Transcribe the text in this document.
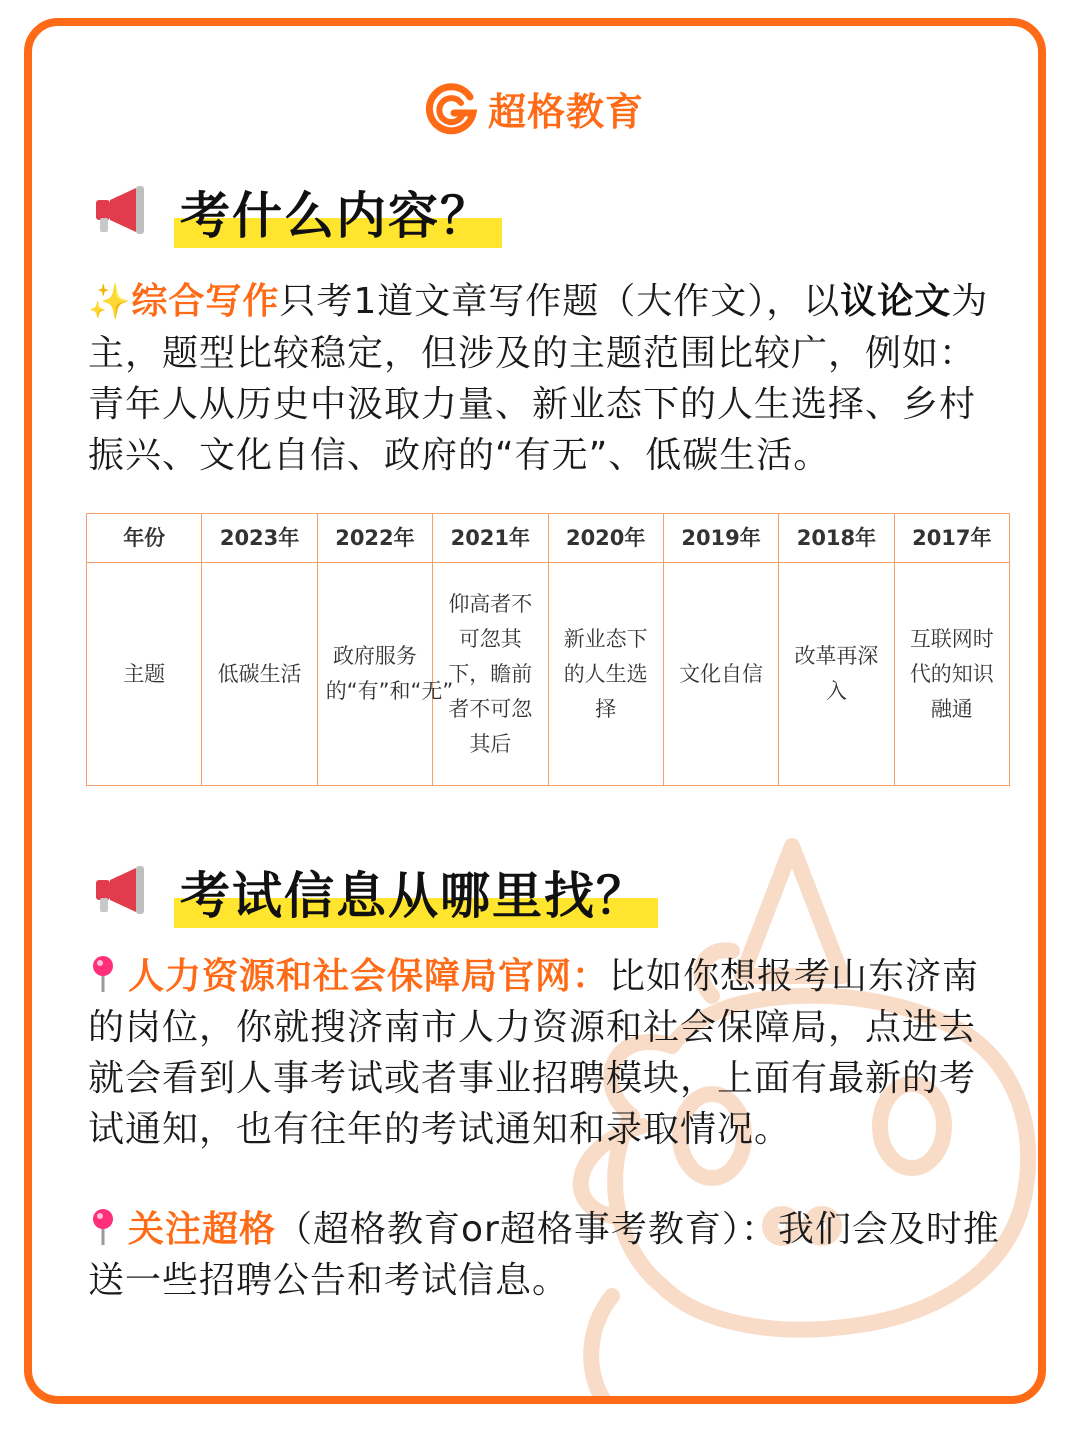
超格教育
考什么内容？
✨综合写作只考1道文章写作题（大作文），以议论文为主，题型比较稳定，但涉及的主题范围比较广，例如：青年人从历史中汲取力量、新业态下的人生选择、乡村振兴、文化自信、政府的“有无”、低碳生活。
年份	2023年	2022年	2021年	2020年	2019年	2018年	2017年
主题	低碳生活	政府服务的“有”和“无”	仰高者不可忽其下，瞻前者不可忽其后	新业态下的人生选择	文化自信	改革再深入	互联网时代的知识融通
考试信息从哪里找？
人力资源和社会保障局官网：比如你想报考山东济南的岗位，你就搜济南市人力资源和社会保障局，点进去就会看到人事考试或者事业招聘模块，上面有最新的考试通知，也有往年的考试通知和录取情况。
关注超格（超格教育or超格事考教育）：我们会及时推送一些招聘公告和考试信息。
